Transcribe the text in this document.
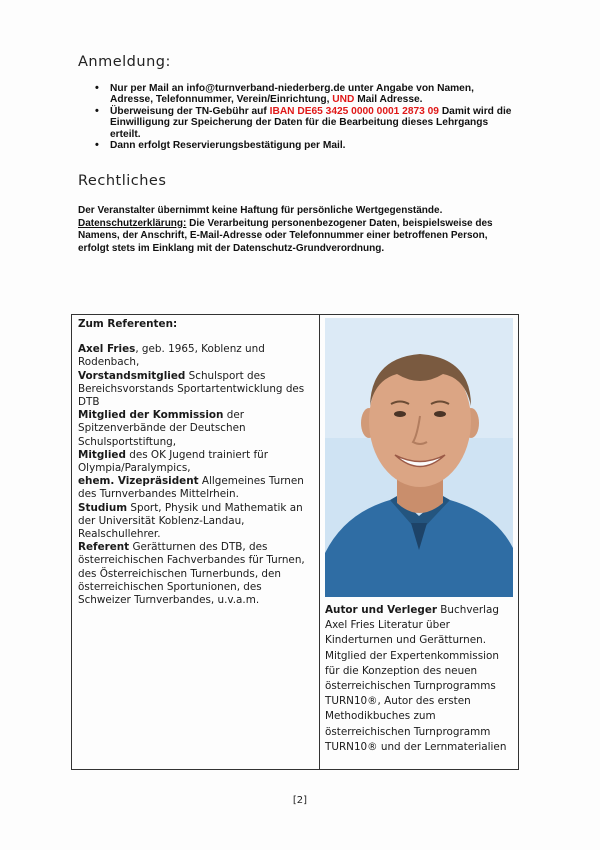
Anmeldung:
• Nur per Mail an info@turnverband-niederberg.de unter Angabe von Namen, Adresse, Telefonnummer, Verein/Einrichtung, UND Mail Adresse.
• Überweisung der TN-Gebühr auf IBAN DE65 3425 0000 0001 2873 09 Damit wird die Einwilligung zur Speicherung der Daten für die Bearbeitung dieses Lehrgangs erteilt.
• Dann erfolgt Reservierungsbestätigung per Mail.
Rechtliches

Der Veranstalter übernimmt keine Haftung für persönliche Wertgegenstände.

Datenschutzerklärung: Die Verarbeitung personenbezogener Daten, beispielsweise des Namens, der Anschrift, E-Mail-Adresse oder Telefonnummer einer betroffenen Person, erfolgt stets im Einklang mit der Datenschutz-Grundverordnung.

Zum Referenten:

Axel Fries, geb. 1965, Koblenz und Rodenbach,

Vorstandsmitglied Schulsport des Bereichsvorstands Sportartentwicklung des DTB

Mitglied der Kommission der Spitzenverbände der Deutschen Schulsportstiftung,

Mitglied des OK Jugend trainiert für Olympia/Paralympics,

ehem. Vizepräsident Allgemeines Turnen des Turnverbandes Mittelrhein.

Studium Sport, Physik und Mathematik an der Universität Koblenz-Landau, Realschullehrer.

Referent Gerätturnen des DTB, des österreichischen Fachverbandes für Turnen, des Österreichischen Turnerbunds, den österreichischen Sportunionen, des Schweizer Turnverbandes, u.v.a.m.

Autor und Verleger Buchverlag Axel Fries Literatur über Kinderturnen und Gerätturnen. Mitglied der Expertenkommission für die Konzeption des neuen österreichischen Turnprogramms TURN10®, Autor des ersten Methodikbuches zum österreichischen Turnprogramm TURN10® und der Lernmaterialien

[2]
